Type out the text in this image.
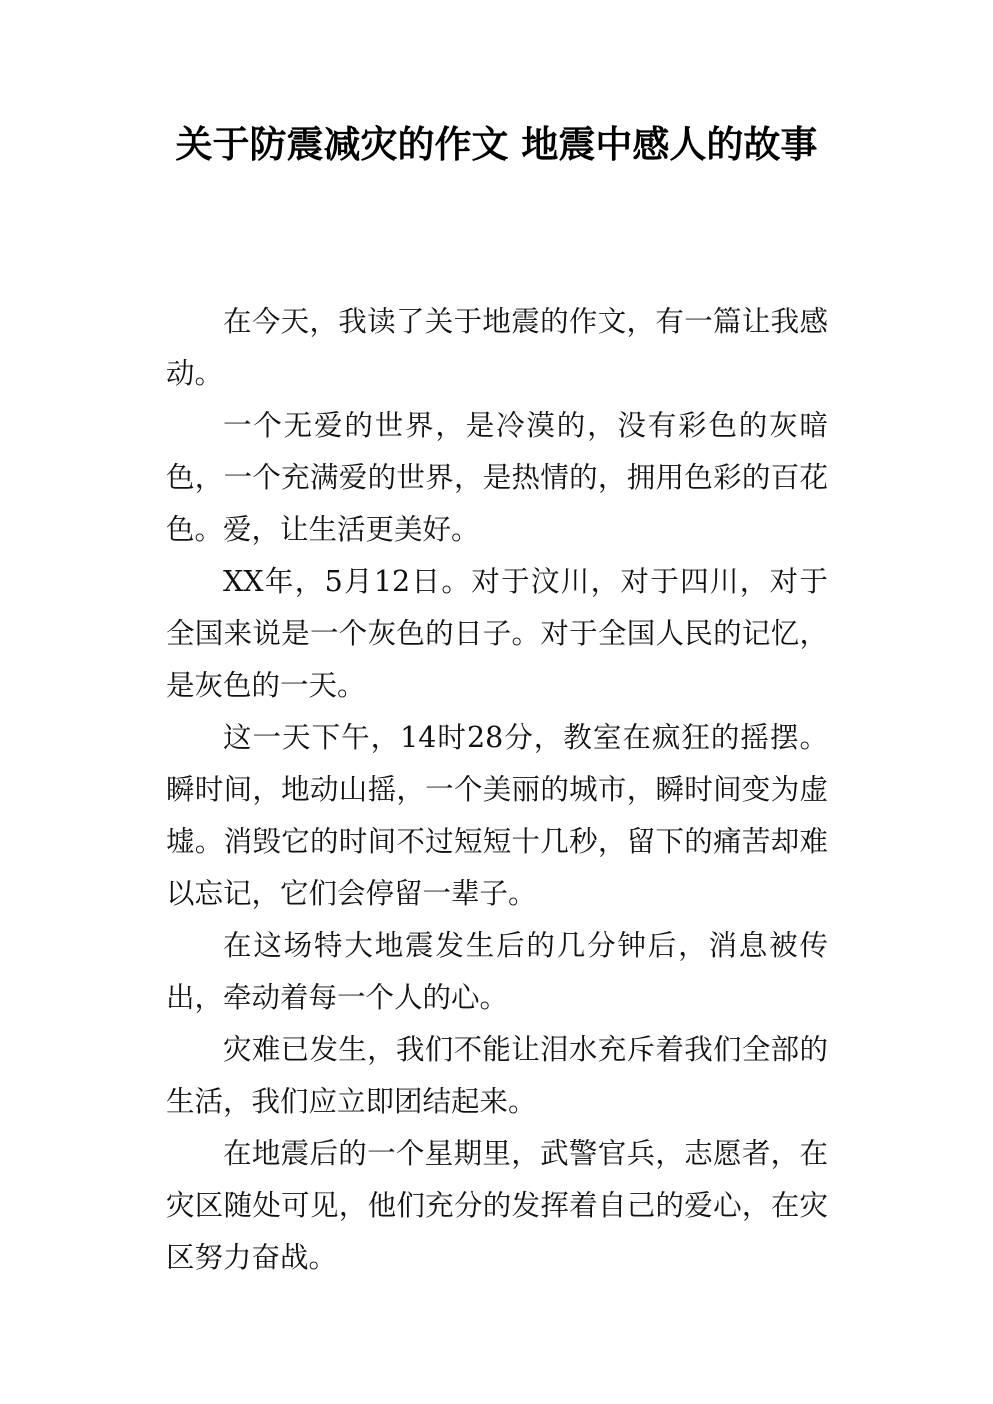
关于防震减灾的作文 地震中感人的故事

在今天，我读了关于地震的作文，有一篇让我感动。

一个无爱的世界，是冷漠的，没有彩色的灰暗色，一个充满爱的世界，是热情的，拥用色彩的百花色。爱，让生活更美好。

XX年，5月12日。对于汶川，对于四川，对于全国来说是一个灰色的日子。对于全国人民的记忆，是灰色的一天。

这一天下午，14时28分，教室在疯狂的摇摆。瞬时间，地动山摇，一个美丽的城市，瞬时间变为虚墟。消毁它的时间不过短短十几秒，留下的痛苦却难以忘记，它们会停留一辈子。

在这场特大地震发生后的几分钟后，消息被传出，牵动着每一个人的心。

灾难已发生，我们不能让泪水充斥着我们全部的生活，我们应立即团结起来。

在地震后的一个星期里，武警官兵，志愿者，在灾区随处可见，他们充分的发挥着自己的爱心，在灾区努力奋战。
